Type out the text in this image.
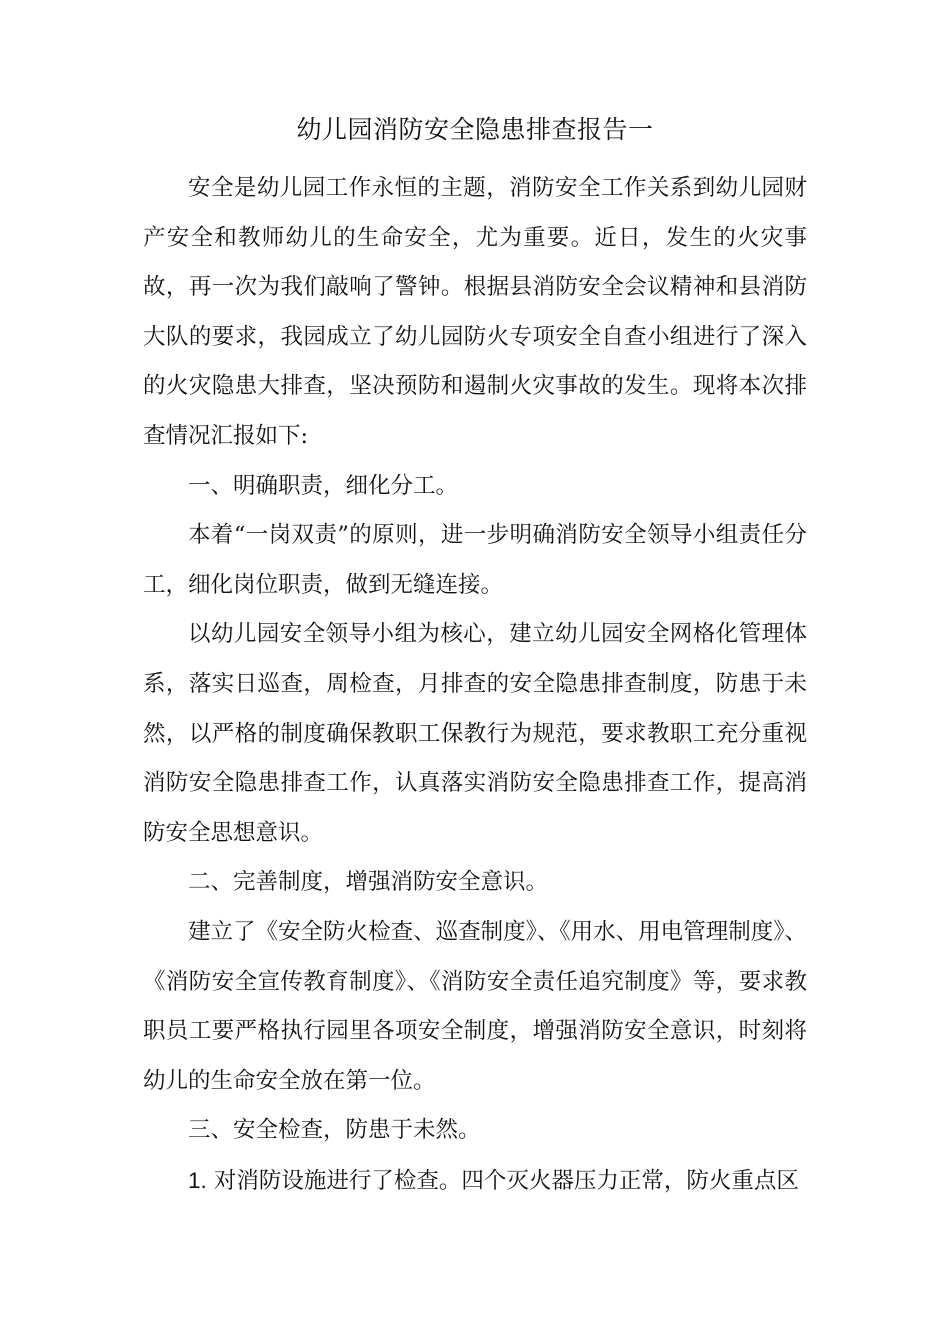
幼儿园消防安全隐患排查报告一

安全是幼儿园工作永恒的主题，消防安全工作关系到幼儿园财产安全和教师幼儿的生命安全，尤为重要。近日，发生的火灾事故，再一次为我们敲响了警钟。根据县消防安全会议精神和县消防大队的要求，我园成立了幼儿园防火专项安全自查小组进行了深入的火灾隐患大排查，坚决预防和遏制火灾事故的发生。现将本次排查情况汇报如下:

一、明确职责，细化分工。

本着“一岗双责”的原则，进一步明确消防安全领导小组责任分工，细化岗位职责，做到无缝连接。

以幼儿园安全领导小组为核心，建立幼儿园安全网格化管理体系，落实日巡查，周检查，月排查的安全隐患排查制度，防患于未然，以严格的制度确保教职工保教行为规范，要求教职工充分重视消防安全隐患排查工作，认真落实消防安全隐患排查工作，提高消防安全思想意识。

二、完善制度，增强消防安全意识。

建立了《安全防火检查、巡查制度》、《用水、用电管理制度》、《消防安全宣传教育制度》、《消防安全责任追究制度》等，要求教职员工要严格执行园里各项安全制度，增强消防安全意识，时刻将幼儿的生命安全放在第一位。

三、安全检查，防患于未然。

1. 对消防设施进行了检查。四个灭火器压力正常，防火重点区
